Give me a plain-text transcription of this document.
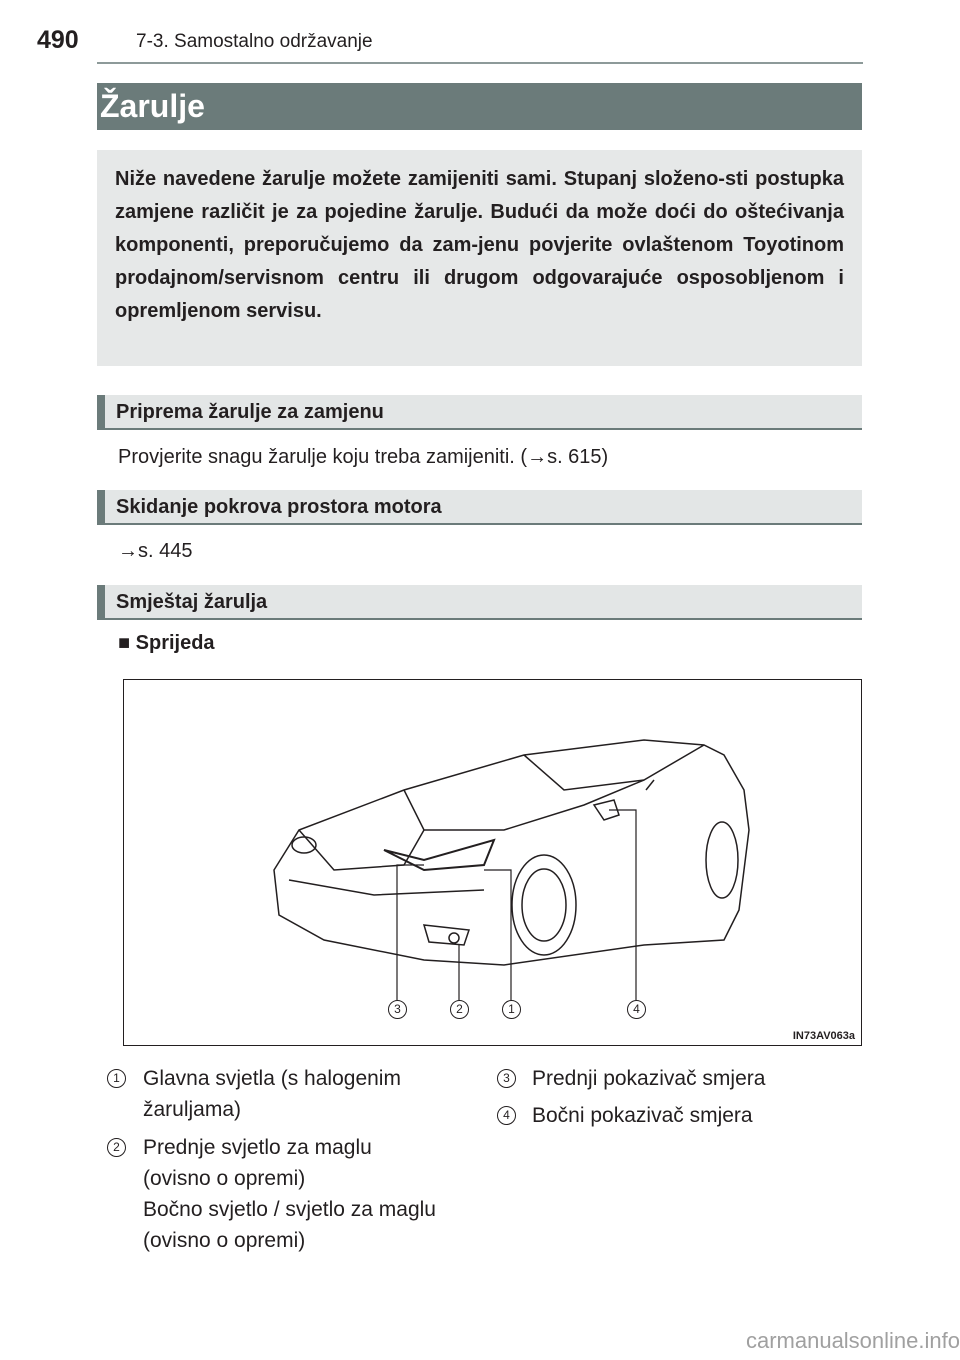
490	7-3. Samostalno održavanje
Žarulje
Niže navedene žarulje možete zamijeniti sami. Stupanj složeno-sti postupka zamjene različit je za pojedine žarulje. Budući da može doći do oštećivanja komponenti, preporučujemo da zam-jenu povjerite ovlaštenom Toyotinom prodajnom/servisnom centru ili drugom odgovarajuće osposobljenom i opremljenom servisu.
Priprema žarulje za zamjenu
Provjerite snagu žarulje koju treba zamijeniti. (→s. 615)
Skidanje pokrova prostora motora
→s. 445
Smještaj žarulja
■ Sprijeda
3	2	1	4
IN73AV063a
1 Glavna svjetla (s halogenim
žaruljama)
2 Prednje svjetlo za maglu
(ovisno o opremi)
Bočno svjetlo / svjetlo za maglu
(ovisno o opremi)
3 Prednji pokazivač smjera
4 Bočni pokazivač smjera
carmanualsonline.info
